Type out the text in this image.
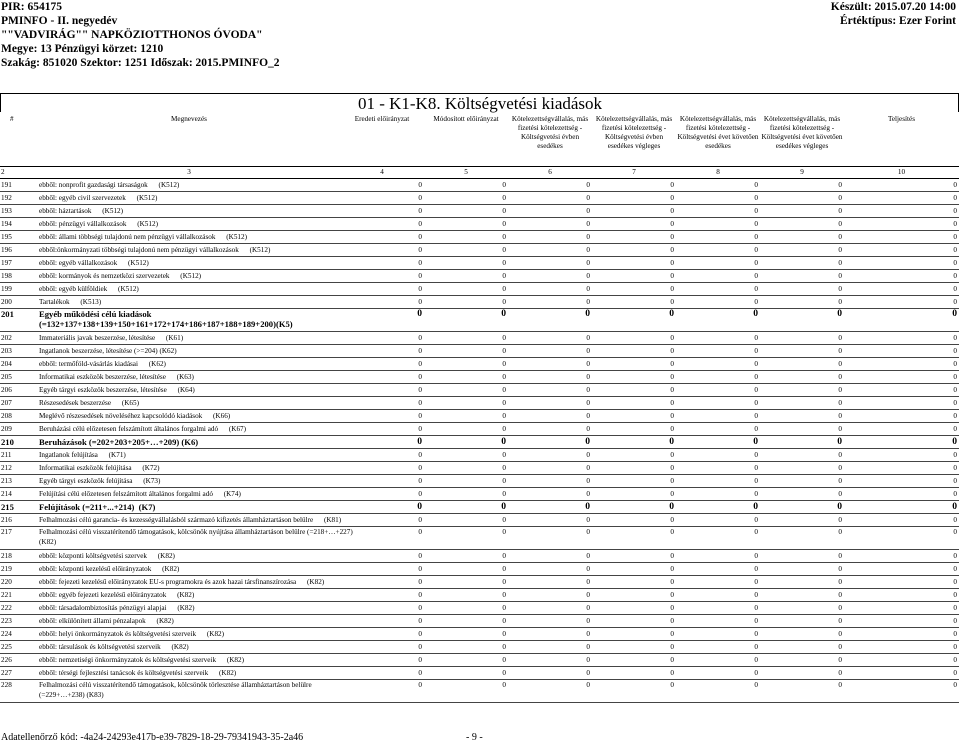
PIR: 654175
PMINFO - II. negyedév
""VADVIRÁG"" NAPKÖZIOTTHONOS ÓVODA"
Megye: 13 Pénzügyi körzet: 1210
Szakág: 851020 Szektor: 1251 Időszak: 2015.PMINFO_2
Készült: 2015.07.20 14:00
Értéktípus: Ezer Forint
01 - K1-K8. Költségvetési kiadások
#	Megnevezés	Eredeti előirányzat	Módosított előirányzat	Kötelezettségvállalás, más fizetési kötelezettség - Költségvetési évben esedékes	Kötelezettségvállalás, más fizetési kötelezettség - Költségvetési évben esedékes végleges	Kötelezettségvállalás, más fizetési kötelezettség - Költségvetési évet követően esedékes	Kötelezettségvállalás, más fizetési kötelezettség - Költségvetési évet követően esedékes végleges	Teljesítés
2	3	4	5	6	7	8	9	10
191	ebből: nonprofit gazdasági társaságok      (K512)	0	0	0	0	0	0	0
192	ebből: egyéb civil szervezetek      (K512)	0	0	0	0	0	0	0
193	ebből: háztartások      (K512)	0	0	0	0	0	0	0
194	ebből: pénzügyi vállalkozások      (K512)	0	0	0	0	0	0	0
195	ebből: állami többségi tulajdonú nem pénzügyi vállalkozások      (K512)	0	0	0	0	0	0	0
196	ebből:önkormányzati többségi tulajdonú nem pénzügyi vállalkozások      (K512)	0	0	0	0	0	0	0
197	ebből: egyéb vállalkozások      (K512)	0	0	0	0	0	0	0
198	ebből: kormányok és nemzetközi szervezetek      (K512)	0	0	0	0	0	0	0
199	ebből: egyéb külföldiek      (K512)	0	0	0	0	0	0	0
200	Tartalékok      (K513)	0	0	0	0	0	0	0
201	Egyéb működési célú kiadások
(=132+137+138+139+150+161+172+174+186+187+188+189+200)(K5)	0	0	0	0	0	0	0
202	Immateriális javak beszerzése, létesítése      (K61)	0	0	0	0	0	0	0
203	Ingatlanok beszerzése, létesítése (>=204) (K62)	0	0	0	0	0	0	0
204	ebből: termőföld-vásárlás kiadásai      (K62)	0	0	0	0	0	0	0
205	Informatikai eszközök beszerzése, létesítése      (K63)	0	0	0	0	0	0	0
206	Egyéb tárgyi eszközök beszerzése, létesítése      (K64)	0	0	0	0	0	0	0
207	Részesedések beszerzése      (K65)	0	0	0	0	0	0	0
208	Meglévő részesedések növeléséhez kapcsolódó kiadások      (K66)	0	0	0	0	0	0	0
209	Beruházási célú előzetesen felszámított általános forgalmi adó      (K67)	0	0	0	0	0	0	0
210	Beruházások (=202+203+205+…+209) (K6)	0	0	0	0	0	0	0
211	Ingatlanok felújítása      (K71)	0	0	0	0	0	0	0
212	Informatikai eszközök felújítása      (K72)	0	0	0	0	0	0	0
213	Egyéb tárgyi eszközök felújítása      (K73)	0	0	0	0	0	0	0
214	Felújítási célú előzetesen felszámított általános forgalmi adó      (K74)	0	0	0	0	0	0	0
215	Felújítások (=211+...+214)  (K7)	0	0	0	0	0	0	0
216	Felhalmozási célú garancia- és kezességvállalásból származó kifizetés államháztartáson belülre      (K81)	0	0	0	0	0	0	0
217	Felhalmozási célú visszatérítendő támogatások, kölcsönök nyújtása államháztartáson belülre (=218+…+227)
(K82)	0	0	0	0	0	0	0
218	ebből: központi költségvetési szervek      (K82)	0	0	0	0	0	0	0
219	ebből: központi kezelésű előirányzatok      (K82)	0	0	0	0	0	0	0
220	ebből: fejezeti kezelésű előirányzatok EU-s programokra és azok hazai társfinanszírozása      (K82)	0	0	0	0	0	0	0
221	ebből: egyéb fejezeti kezelésű előirányzatok      (K82)	0	0	0	0	0	0	0
222	ebből: társadalombiztosítás pénzügyi alapjai      (K82)	0	0	0	0	0	0	0
223	ebből: elkülönített állami pénzalapok      (K82)	0	0	0	0	0	0	0
224	ebből: helyi önkormányzatok és költségvetési szerveik      (K82)	0	0	0	0	0	0	0
225	ebből: társulások és költségvetési szerveik      (K82)	0	0	0	0	0	0	0
226	ebből: nemzetiségi önkormányzatok és költségvetési szerveik      (K82)	0	0	0	0	0	0	0
227	ebből: térségi fejlesztési tanácsok és költségvetési szerveik      (K82)	0	0	0	0	0	0	0
228	Felhalmozási célú visszatérítendő támogatások, kölcsönök törlesztése államháztartáson belülre
(=229+…+238) (K83)	0	0	0	0	0	0	0
Adatellenőrző kód: -4a24-24293e417b-e39-7829-18-29-79341943-35-2a46	- 9 -
